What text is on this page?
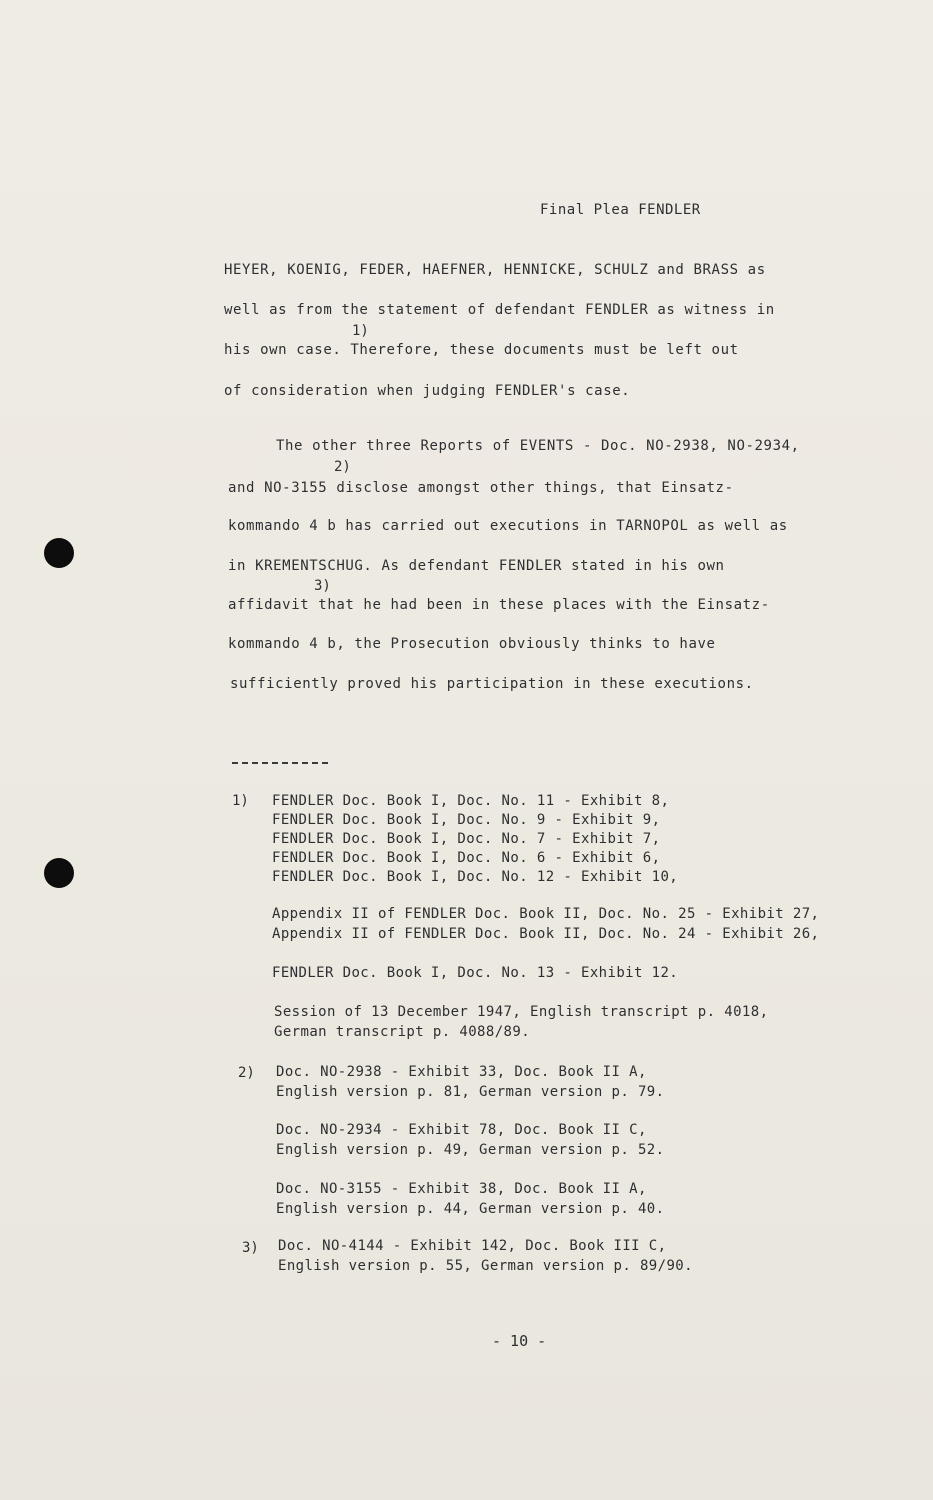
Final Plea FENDLER
HEYER, KOENIG, FEDER, HAEFNER, HENNICKE, SCHULZ and BRASS as
well as from the statement of defendant FENDLER as witness in
1)
his own case. Therefore, these documents must be left out
of consideration when judging FENDLER's case.
The other three Reports of EVENTS - Doc. NO-2938, NO-2934,
2)
and NO-3155 disclose amongst other things, that Einsatz-
kommando 4 b has carried out executions in TARNOPOL as well as
in KREMENTSCHUG. As defendant FENDLER stated in his own
3)
affidavit that he had been in these places with the Einsatz-
kommando 4 b, the Prosecution obviously thinks to have
sufficiently proved his participation in these executions.
1) FENDLER Doc. Book I, Doc. No. 11 - Exhibit 8,
FENDLER Doc. Book I, Doc. No. 9 - Exhibit 9,
FENDLER Doc. Book I, Doc. No. 7 - Exhibit 7,
FENDLER Doc. Book I, Doc. No. 6 - Exhibit 6,
FENDLER Doc. Book I, Doc. No. 12 - Exhibit 10,
Appendix II of FENDLER Doc. Book II, Doc. No. 25 - Exhibit 27,
Appendix II of FENDLER Doc. Book II, Doc. No. 24 - Exhibit 26,
FENDLER Doc. Book I, Doc. No. 13 - Exhibit 12.
Session of 13 December 1947, English transcript p. 4018,
German transcript p. 4088/89.
2) Doc. NO-2938 - Exhibit 33, Doc. Book II A,
English version p. 81, German version p. 79.
Doc. NO-2934 - Exhibit 78, Doc. Book II C,
English version p. 49, German version p. 52.
Doc. NO-3155 - Exhibit 38, Doc. Book II A,
English version p. 44, German version p. 40.
3) Doc. NO-4144 - Exhibit 142, Doc. Book III C,
English version p. 55, German version p. 89/90.
- 10 -
